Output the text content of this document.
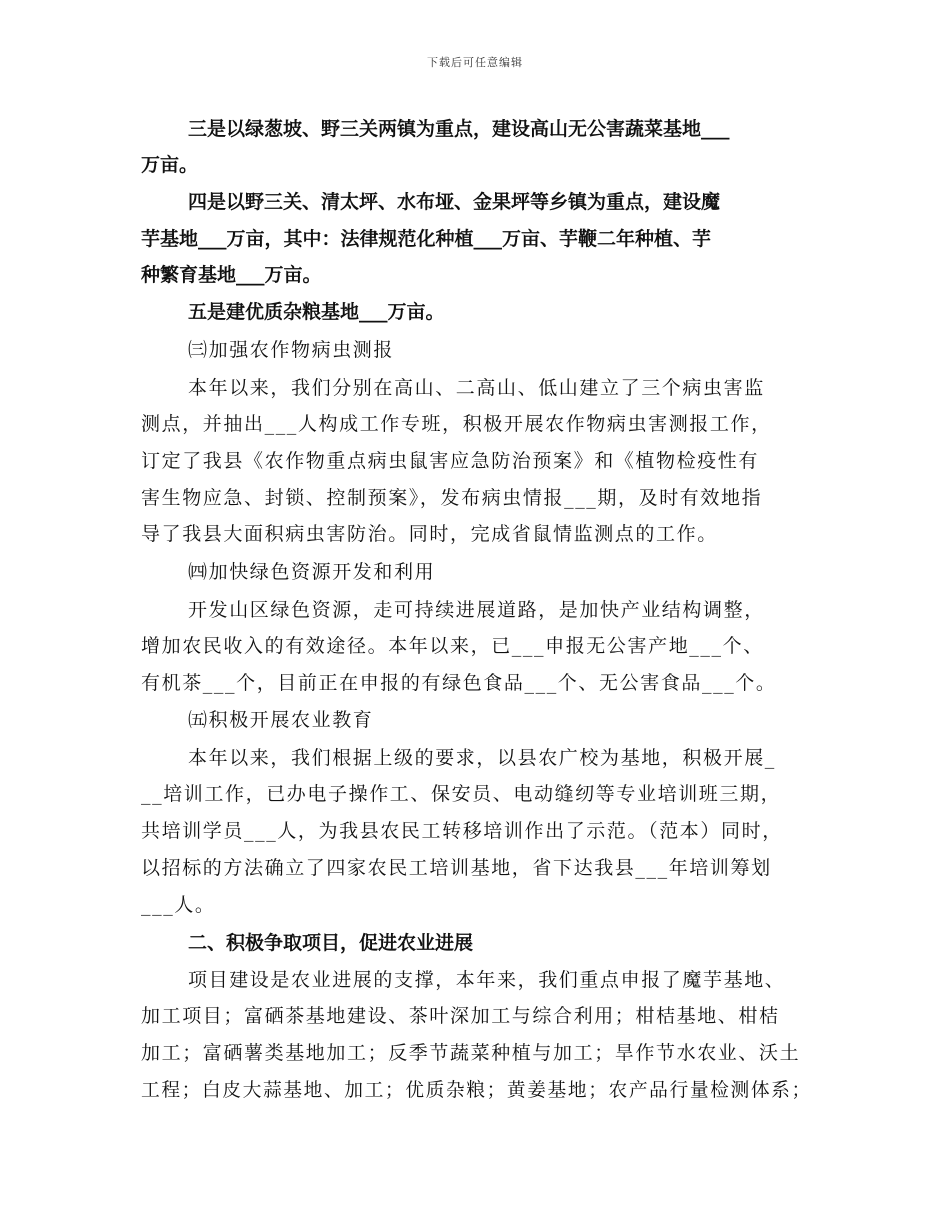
下载后可任意编辑
三是以绿葱坡、野三关两镇为重点，建设高山无公害蔬菜基地___
万亩。
四是以野三关、清太坪、水布垭、金果坪等乡镇为重点，建设魔
芋基地___万亩，其中：法律规范化种植___万亩、芋鞭二年种植、芋
种繁育基地___万亩。
五是建优质杂粮基地___万亩。
㈢加强农作物病虫测报
本年以来，我们分别在高山、二高山、低山建立了三个病虫害监
测点，并抽出___人构成工作专班，积极开展农作物病虫害测报工作，
订定了我县《农作物重点病虫鼠害应急防治预案》和《植物检疫性有
害生物应急、封锁、控制预案》，发布病虫情报___期，及时有效地指
导了我县大面积病虫害防治。同时，完成省鼠情监测点的工作。
㈣加快绿色资源开发和利用
开发山区绿色资源，走可持续进展道路，是加快产业结构调整，
增加农民收入的有效途径。本年以来，已___申报无公害产地___个、
有机茶___个，目前正在申报的有绿色食品___个、无公害食品___个。
㈤积极开展农业教育
本年以来，我们根据上级的要求，以县农广校为基地，积极开展_
__培训工作，已办电子操作工、保安员、电动缝纫等专业培训班三期，
共培训学员___人，为我县农民工转移培训作出了示范。（范本）同时，
以招标的方法确立了四家农民工培训基地，省下达我县___年培训筹划
___人。
二、积极争取项目，促进农业进展
项目建设是农业进展的支撑，本年来，我们重点申报了魔芋基地、
加工项目；富硒茶基地建设、茶叶深加工与综合利用；柑桔基地、柑桔
加工；富硒薯类基地加工；反季节蔬菜种植与加工；旱作节水农业、沃土
工程；白皮大蒜基地、加工；优质杂粮；黄姜基地；农产品行量检测体系；
